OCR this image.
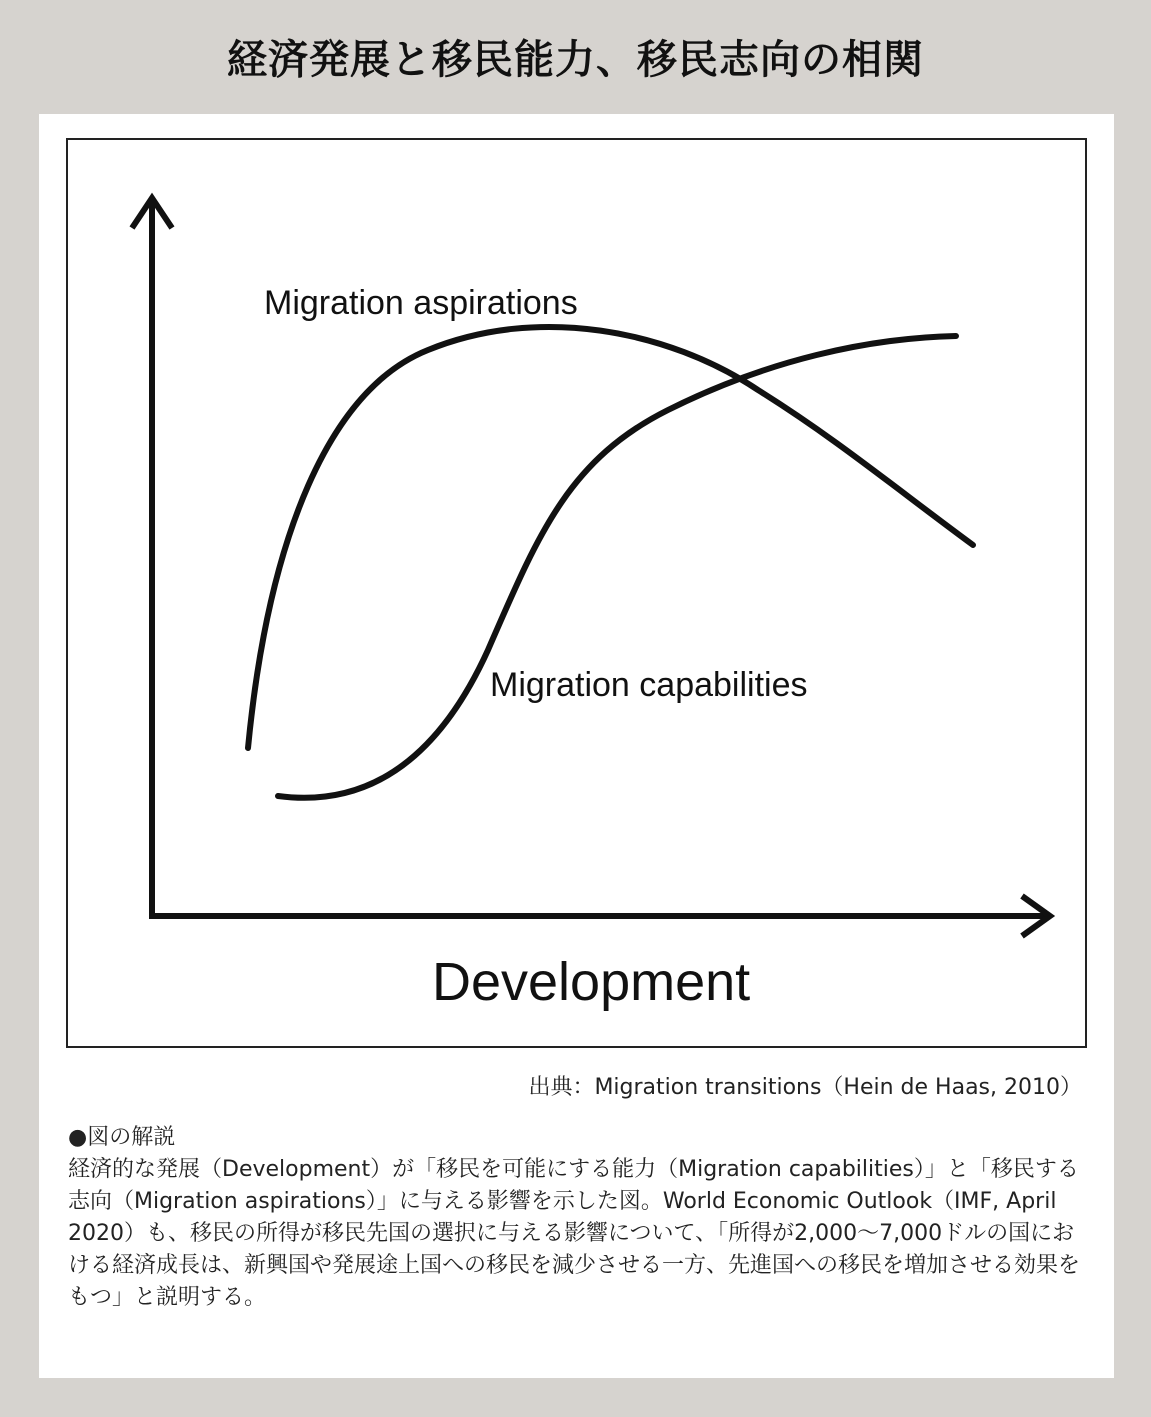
経済発展と移民能力、移民志向の相関
Migration aspirations
Migration capabilities
Development
出典：Migration transitions（Hein de Haas, 2010）

●図の解説

経済的な発展（Development）が「移民を可能にする能力（Migration capabilities）」と「移民する志向（Migration aspirations）」に与える影響を示した図。World Economic Outlook（IMF, April 2020）も、移民の所得が移民先国の選択に与える影響について、「所得が2,000〜7,000ドルの国における経済成長は、新興国や発展途上国への移民を減少させる一方、先進国への移民を増加させる効果をもつ」と説明する。
